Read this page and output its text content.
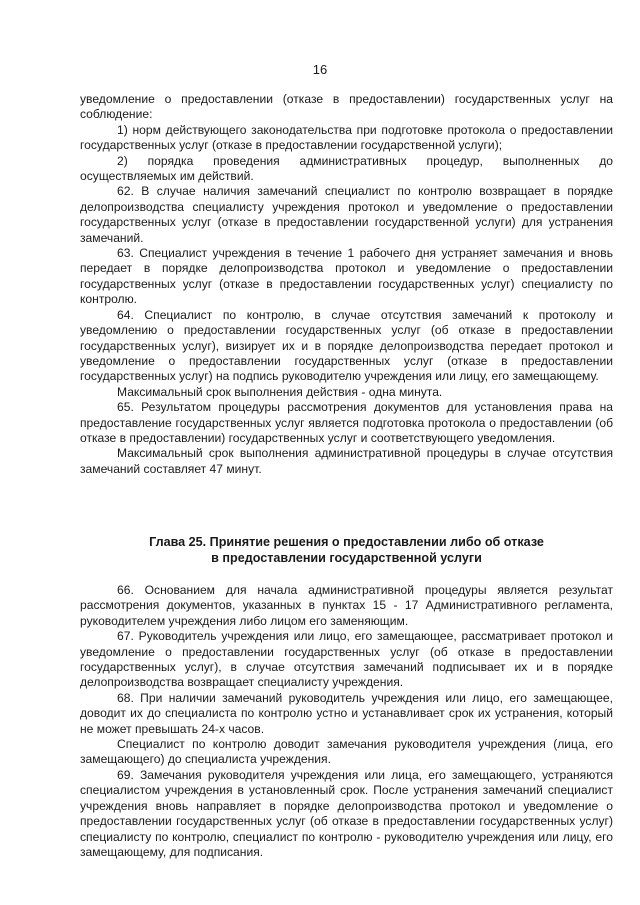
16

уведомление о предоставлении (отказе в предоставлении) государственных услуг на соблюдение:

1) норм действующего законодательства при подготовке протокола о предоставлении государственных услуг (отказе в предоставлении государственной услуги);

2) порядка проведения административных процедур, выполненных до осуществляемых им действий.

62. В случае наличия замечаний специалист по контролю возвращает в порядке делопроизводства специалисту учреждения протокол и уведомление о предоставлении государственных услуг (отказе в предоставлении государственной услуги) для устранения замечаний.

63. Специалист учреждения в течение 1 рабочего дня устраняет замечания и вновь передает в порядке делопроизводства протокол и уведомление о предоставлении государственных услуг (отказе в предоставлении государственных услуг) специалисту по контролю.

64. Специалист по контролю, в случае отсутствия замечаний к протоколу и уведомлению о предоставлении государственных услуг (об отказе в предоставлении государственных услуг), визирует их и в порядке делопроизводства передает протокол и уведомление о предоставлении государственных услуг (отказе в предоставлении государственных услуг) на подпись руководителю учреждения или лицу, его замещающему.

Максимальный срок выполнения действия - одна минута.

65. Результатом процедуры рассмотрения документов для установления права на предоставление государственных услуг является подготовка протокола о предоставлении (об отказе в предоставлении) государственных услуг и соответствующего уведомления.

Максимальный срок выполнения административной процедуры в случае отсутствия замечаний составляет 47 минут.

Глава 25. Принятие решения о предоставлении либо об отказе
в предоставлении государственной услуги

66. Основанием для начала административной процедуры является результат рассмотрения документов, указанных в пунктах 15 - 17 Административного регламента, руководителем учреждения либо лицом его заменяющим.

67. Руководитель учреждения или лицо, его замещающее, рассматривает протокол и уведомление о предоставлении государственных услуг (об отказе в предоставлении государственных услуг), в случае отсутствия замечаний подписывает их и в порядке делопроизводства возвращает специалисту учреждения.

68. При наличии замечаний руководитель учреждения или лицо, его замещающее, доводит их до специалиста по контролю устно и устанавливает срок их устранения, который не может превышать 24-х часов.

Специалист по контролю доводит замечания руководителя учреждения (лица, его замещающего) до специалиста учреждения.

69. Замечания руководителя учреждения или лица, его замещающего, устраняются специалистом учреждения в установленный срок. После устранения замечаний специалист учреждения вновь направляет в порядке делопроизводства протокол и уведомление о предоставлении государственных услуг (об отказе в предоставлении государственных услуг) специалисту по контролю, специалист по контролю - руководителю учреждения или лицу, его замещающему, для подписания.
